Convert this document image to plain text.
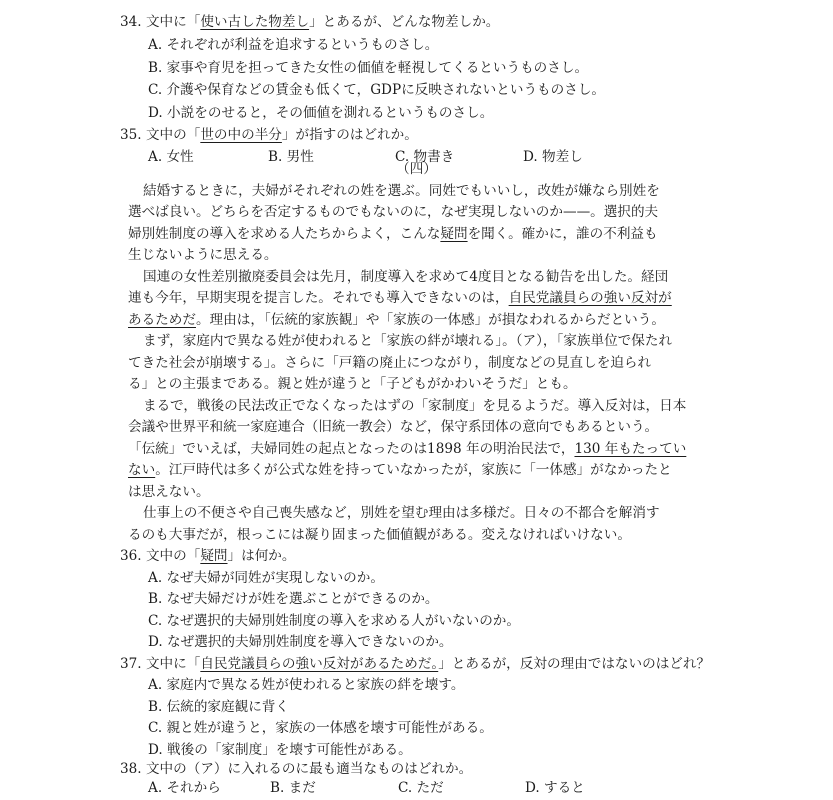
34. 文中に「使い古した物差し」とあるが、どんな物差しか。
A. それぞれが利益を追求するというものさし。
B. 家事や育児を担ってきた女性の価値を軽視してくるというものさし。
C. 介護や保育などの賃金も低くて，GDPに反映されないというものさし。
D. 小説をのせると，その価値を測れるというものさし。
35. 文中の「世の中の半分」が指すのはどれか。
A. 女性	B. 男性	C. 物書き	D. 物差し
（四）
結婚するときに，夫婦がそれぞれの姓を選ぶ。同姓でもいいし，改姓が嫌なら別姓を
選べば良い。どちらを否定するものでもないのに，なぜ実現しないのか——。選択的夫
婦別姓制度の導入を求める人たちからよく，こんな疑問を聞く。確かに，誰の不利益も
生じないように思える。
国連の女性差別撤廃委員会は先月，制度導入を求めて4度目となる勧告を出した。経団
連も今年，早期実現を提言した。それでも導入できないのは，自民党議員らの強い反対が
あるためだ。理由は，「伝統的家族観」や「家族の一体感」が損なわれるからだという。
まず，家庭内で異なる姓が使われると「家族の絆が壊れる」。（ア），「家族単位で保たれ
てきた社会が崩壊する」。さらに「戸籍の廃止につながり，制度などの見直しを迫られ
る」との主張まである。親と姓が違うと「子どもがかわいそうだ」とも。
まるで，戦後の民法改正でなくなったはずの「家制度」を見るようだ。導入反対は，日本
会議や世界平和統一家庭連合（旧統一教会）など，保守系団体の意向でもあるという。
「伝統」でいえば，夫婦同姓の起点となったのは1898 年の明治民法で，130 年もたってい
ない。江戸時代は多くが公式な姓を持っていなかったが，家族に「一体感」がなかったと
は思えない。
仕事上の不便さや自己喪失感など，別姓を望む理由は多様だ。日々の不都合を解消す
るのも大事だが，根っこには凝り固まった価値観がある。変えなければいけない。
36. 文中の「疑問」は何か。
A. なぜ夫婦が同姓が実現しないのか。
B. なぜ夫婦だけが姓を選ぶことができるのか。
C. なぜ選択的夫婦別姓制度の導入を求める人がいないのか。
D. なぜ選択的夫婦別姓制度を導入できないのか。
37. 文中に「自民党議員らの強い反対があるためだ。」とあるが，反対の理由ではないのはどれ？
A. 家庭内で異なる姓が使われると家族の絆を壊す。
B. 伝統的家庭観に背く
C. 親と姓が違うと，家族の一体感を壊す可能性がある。
D. 戦後の「家制度」を壊す可能性がある。
38. 文中の（ア）に入れるのに最も適当なものはどれか。
A. それから	B. まだ	C. ただ	D. すると
